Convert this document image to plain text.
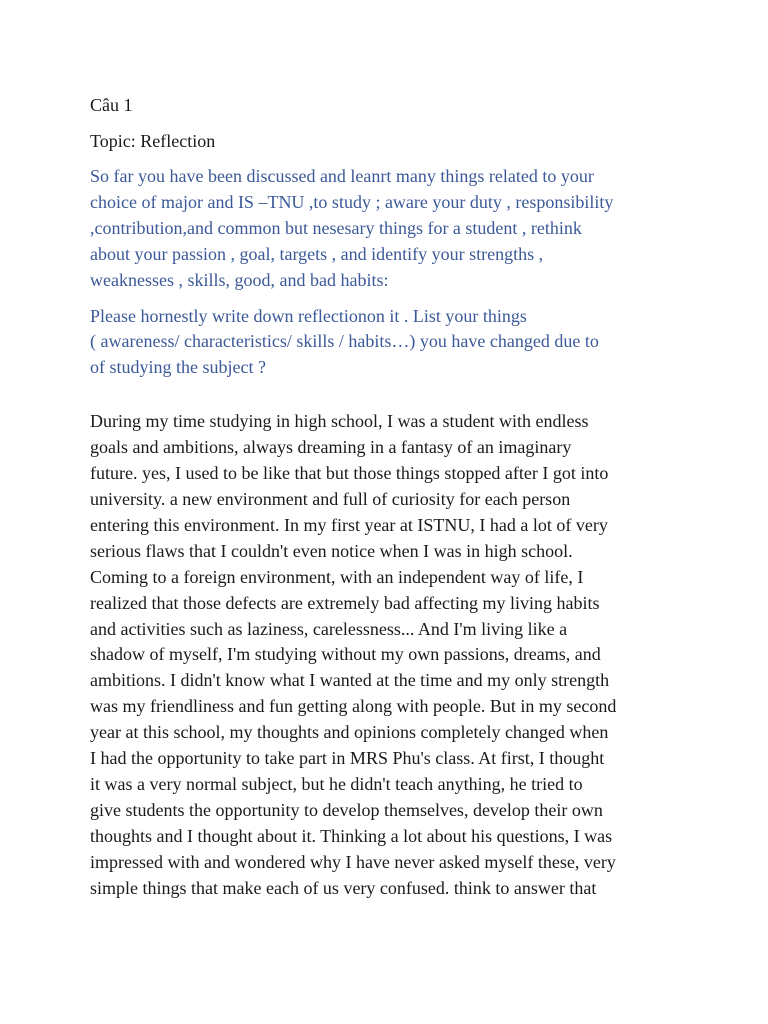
Câu 1
Topic: Reflection
So far you have been discussed and leanrt many things related to your
choice of major and IS –TNU ,to study ; aware your duty , responsibility
,contribution,and common but nesesary things for a student , rethink
about your passion , goal, targets , and identify your strengths ,
weaknesses , skills, good, and bad habits:
Please hornestly write down reflectionon it . List your things
( awareness/ characteristics/ skills / habits…) you have changed due to
of studying the subject ?
During my time studying in high school, I was a student with endless
goals and ambitions, always dreaming in a fantasy of an imaginary
future. yes, I used to be like that but those things stopped after I got into
university. a new environment and full of curiosity for each person
entering this environment. In my first year at ISTNU, I had a lot of very
serious flaws that I couldn't even notice when I was in high school.
Coming to a foreign environment, with an independent way of life, I
realized that those defects are extremely bad affecting my living habits
and activities such as laziness, carelessness... And I'm living like a
shadow of myself, I'm studying without my own passions, dreams, and
ambitions. I didn't know what I wanted at the time and my only strength
was my friendliness and fun getting along with people. But in my second
year at this school, my thoughts and opinions completely changed when
I had the opportunity to take part in MRS Phu's class. At first, I thought
it was a very normal subject, but he didn't teach anything, he tried to
give students the opportunity to develop themselves, develop their own
thoughts and I thought about it. Thinking a lot about his questions, I was
impressed with and wondered why I have never asked myself these, very
simple things that make each of us very confused. think to answer that
